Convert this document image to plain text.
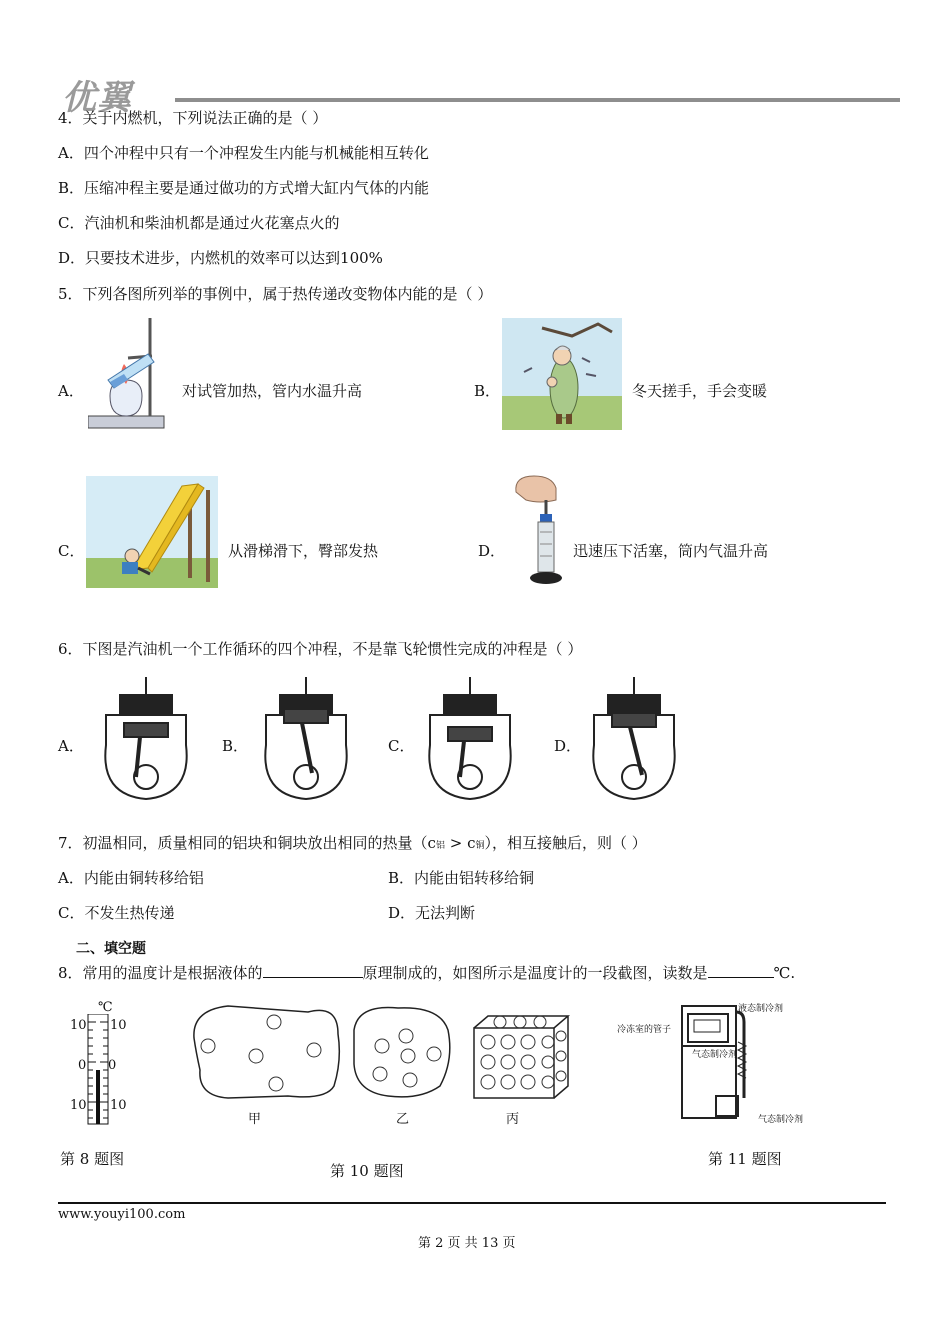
优翼
4．关于内燃机，下列说法正确的是（ ）
A．四个冲程中只有一个冲程发生内能与机械能相互转化
B．压缩冲程主要是通过做功的方式增大缸内气体的内能
C．汽油机和柴油机都是通过火花塞点火的
D．只要技术进步，内燃机的效率可以达到100%
5．下列各图所列举的事例中，属于热传递改变物体内能的是（ ）
A．	对试管加热，管内水温升高	B．	冬天搓手，手会变暖
C．	从滑梯滑下，臀部发热	D．	迅速压下活塞，筒内气温升高
6．下图是汽油机一个工作循环的四个冲程，不是靠飞轮惯性完成的冲程是（ ）
A．	B．	C．	D．
7．初温相同，质量相同的铝块和铜块放出相同的热量（c铝 > c铜），相互接触后，则（ ）
A．内能由铜转移给铝	B．内能由铝转移给铜
C．不发生热传递	D．无法判断
二、填空题
8．常用的温度计是根据液体的	原理制成的，如图所示是温度计的一段截图，读数是	℃.
℃
10 10
0 0
10 10
甲	乙	丙
液态制冷剂
冷冻室的管子
气态制冷剂
气态制冷剂
第 8 题图
第 10 题图
第 11 题图
www.youyi100.com
第 2 页 共 13 页
